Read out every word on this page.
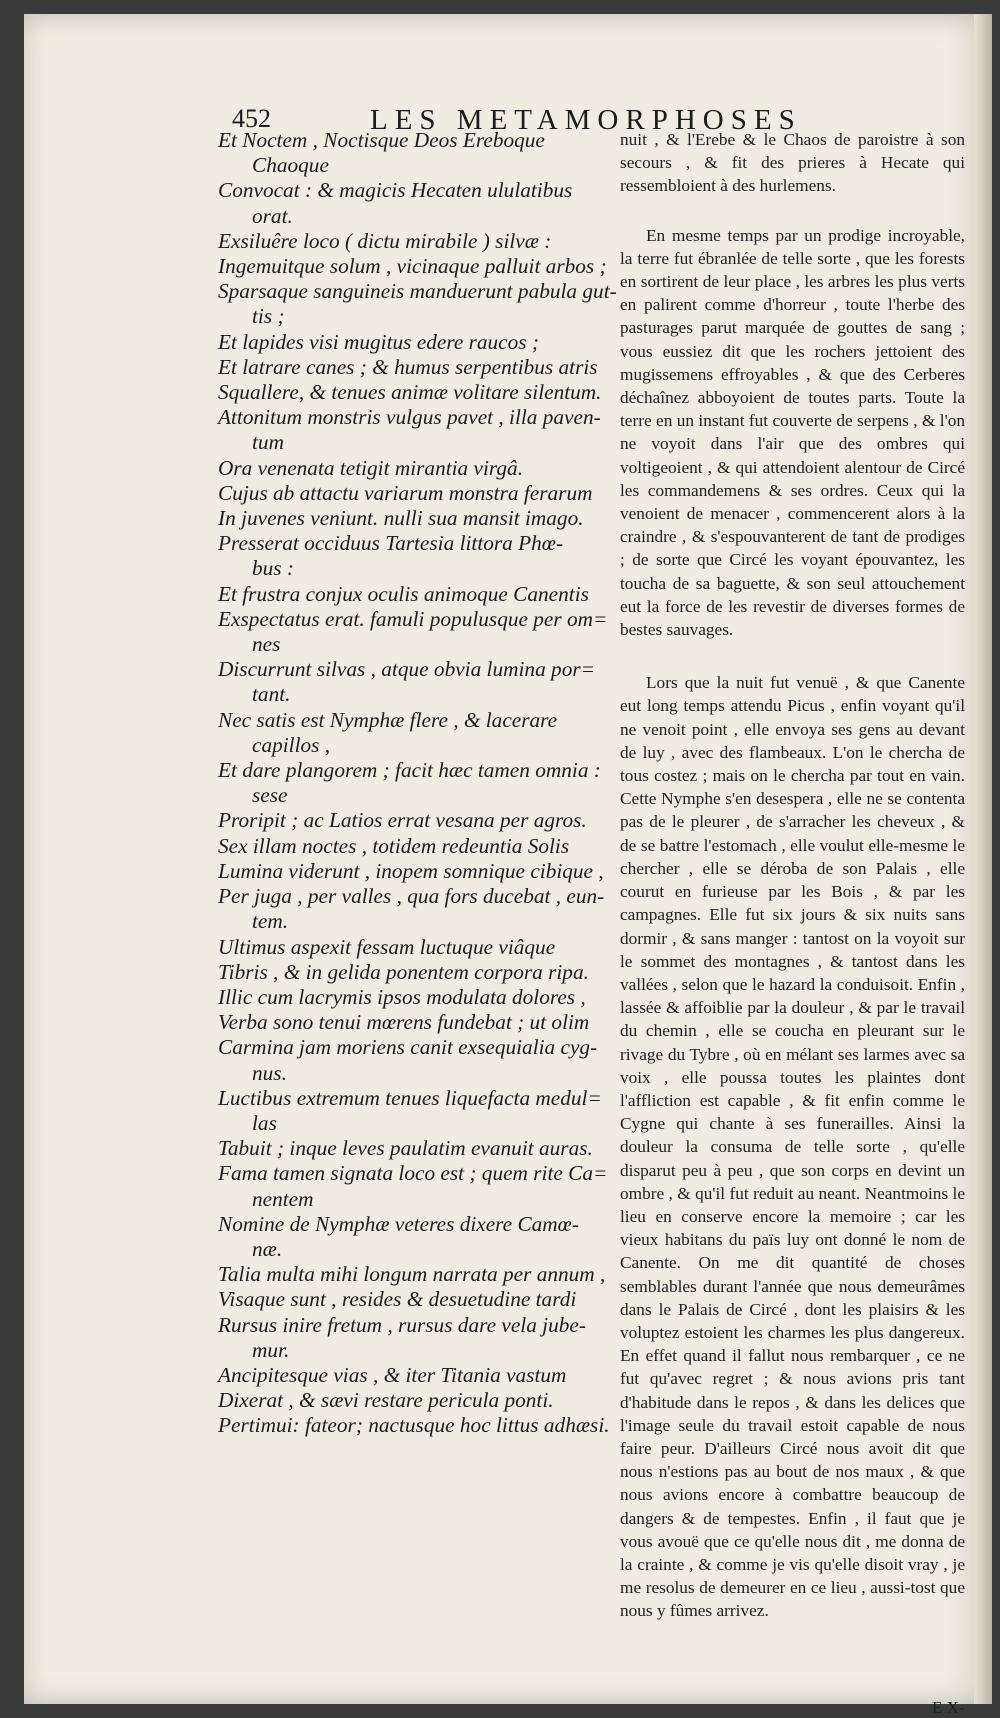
452	LES METAMORPHOSES
Et Noctem , Noctisque Deos Ereboque
Chaoque
Convocat : & magicis Hecaten ululatibus
orat.
Exsiluêre loco ( dictu mirabile ) silvæ :
Ingemuitque solum , vicinaque palluit arbos ;
Sparsaque sanguineis manduerunt pabula gut-
tis ;
Et lapides visi mugitus edere raucos ;
Et latrare canes ; & humus serpentibus atris
Squallere, & tenues animæ volitare silentum.
Attonitum monstris vulgus pavet , illa paven-
tum
Ora venenata tetigit mirantia virgâ.
Cujus ab attactu variarum monstra ferarum
In juvenes veniunt. nulli sua mansit imago.
Presserat occiduus Tartesia littora Phœ-
bus :
Et frustra conjux oculis animoque Canentis
Exspectatus erat. famuli populusque per om=
nes
Discurrunt silvas , atque obvia lumina por=
tant.
Nec satis est Nymphæ flere , & lacerare
capillos ,
Et dare plangorem ; facit hæc tamen omnia :
sese
Proripit ; ac Latios errat vesana per agros.
Sex illam noctes , totidem redeuntia Solis
Lumina viderunt , inopem somnique cibique ,
Per juga , per valles , qua fors ducebat , eun-
tem.
Ultimus aspexit fessam luctuque viâque
Tibris , & in gelida ponentem corpora ripa.
Illic cum lacrymis ipsos modulata dolores ,
Verba sono tenui mœrens fundebat ; ut olim
Carmina jam moriens canit exsequialia cyg-
nus.
Luctibus extremum tenues liquefacta medul=
las
Tabuit ; inque leves paulatim evanuit auras.
Fama tamen signata loco est ; quem rite Ca=
nentem
Nomine de Nymphæ veteres dixere Camœ-
næ.
Talia multa mihi longum narrata per annum ,
Visaque sunt , resides & desuetudine tardi
Rursus inire fretum , rursus dare vela jube-
mur.
Ancipitesque vias , & iter Titania vastum
Dixerat , & sævi restare pericula ponti.
Pertimui: fateor; nactusque hoc littus adhæsi.

nuit , & l'Erebe & le Chaos de paroistre à son secours , & fit des prieres à Hecate qui ressembloient à des hurlemens.

En mesme temps par un prodige incroyable, la terre fut ébranlée de telle sorte , que les forests en sortirent de leur place , les arbres les plus verts en palirent comme d'horreur , toute l'herbe des pasturages parut marquée de gouttes de sang ; vous eussiez dit que les rochers jettoient des mugissemens effroyables , & que des Cerberes déchaînez abboyoient de toutes parts. Toute la terre en un instant fut couverte de serpens , & l'on ne voyoit dans l'air que des ombres qui voltigeoient , & qui attendoient alentour de Circé les commandemens & ses ordres. Ceux qui la venoient de menacer , commencerent alors à la craindre , & s'espouvanterent de tant de prodiges ; de sorte que Circé les voyant épouvantez, les toucha de sa baguette, & son seul attouchement eut la force de les revestir de diverses formes de bestes sauvages.

Lors que la nuit fut venuë , & que Canente eut long temps attendu Picus , enfin voyant qu'il ne venoit point , elle envoya ses gens au devant de luy , avec des flambeaux. L'on le chercha de tous costez ; mais on le chercha par tout en vain. Cette Nymphe s'en desespera , elle ne se contenta pas de le pleurer , de s'arracher les cheveux , & de se battre l'estomach , elle voulut elle-mesme le chercher , elle se déroba de son Palais , elle courut en furieuse par les Bois , & par les campagnes. Elle fut six jours & six nuits sans dormir , & sans manger : tantost on la voyoit sur le sommet des montagnes , & tantost dans les vallées , selon que le hazard la conduisoit. Enfin , lassée & affoiblie par la douleur , & par le travail du chemin , elle se coucha en pleurant sur le rivage du Tybre , où en mélant ses larmes avec sa voix , elle poussa toutes les plaintes dont l'affliction est capable , & fit enfin comme le Cygne qui chante à ses funerailles. Ainsi la douleur la consuma de telle sorte , qu'elle disparut peu à peu , que son corps en devint un ombre , & qu'il fut reduit au neant. Neantmoins le lieu en conserve encore la memoire ; car les vieux habitans du païs luy ont donné le nom de Canente. On me dit quantité de choses semblables durant l'année que nous demeurâmes dans le Palais de Circé , dont les plaisirs & les voluptez estoient les charmes les plus dangereux. En effet quand il fallut nous rembarquer , ce ne fut qu'avec regret ; & nous avions pris tant d'habitude dans le repos , & dans les delices que l'image seule du travail estoit capable de nous faire peur. D'ailleurs Circé nous avoit dit que nous n'estions pas au bout de nos maux , & que nous avions encore à combattre beaucoup de dangers & de tempestes. Enfin , il faut que je vous avouë que ce qu'elle nous dit , me donna de la crainte , & comme je vis qu'elle disoit vray , je me resolus de demeurer en ce lieu , aussi-tost que nous y fûmes arrivez.

E X-
